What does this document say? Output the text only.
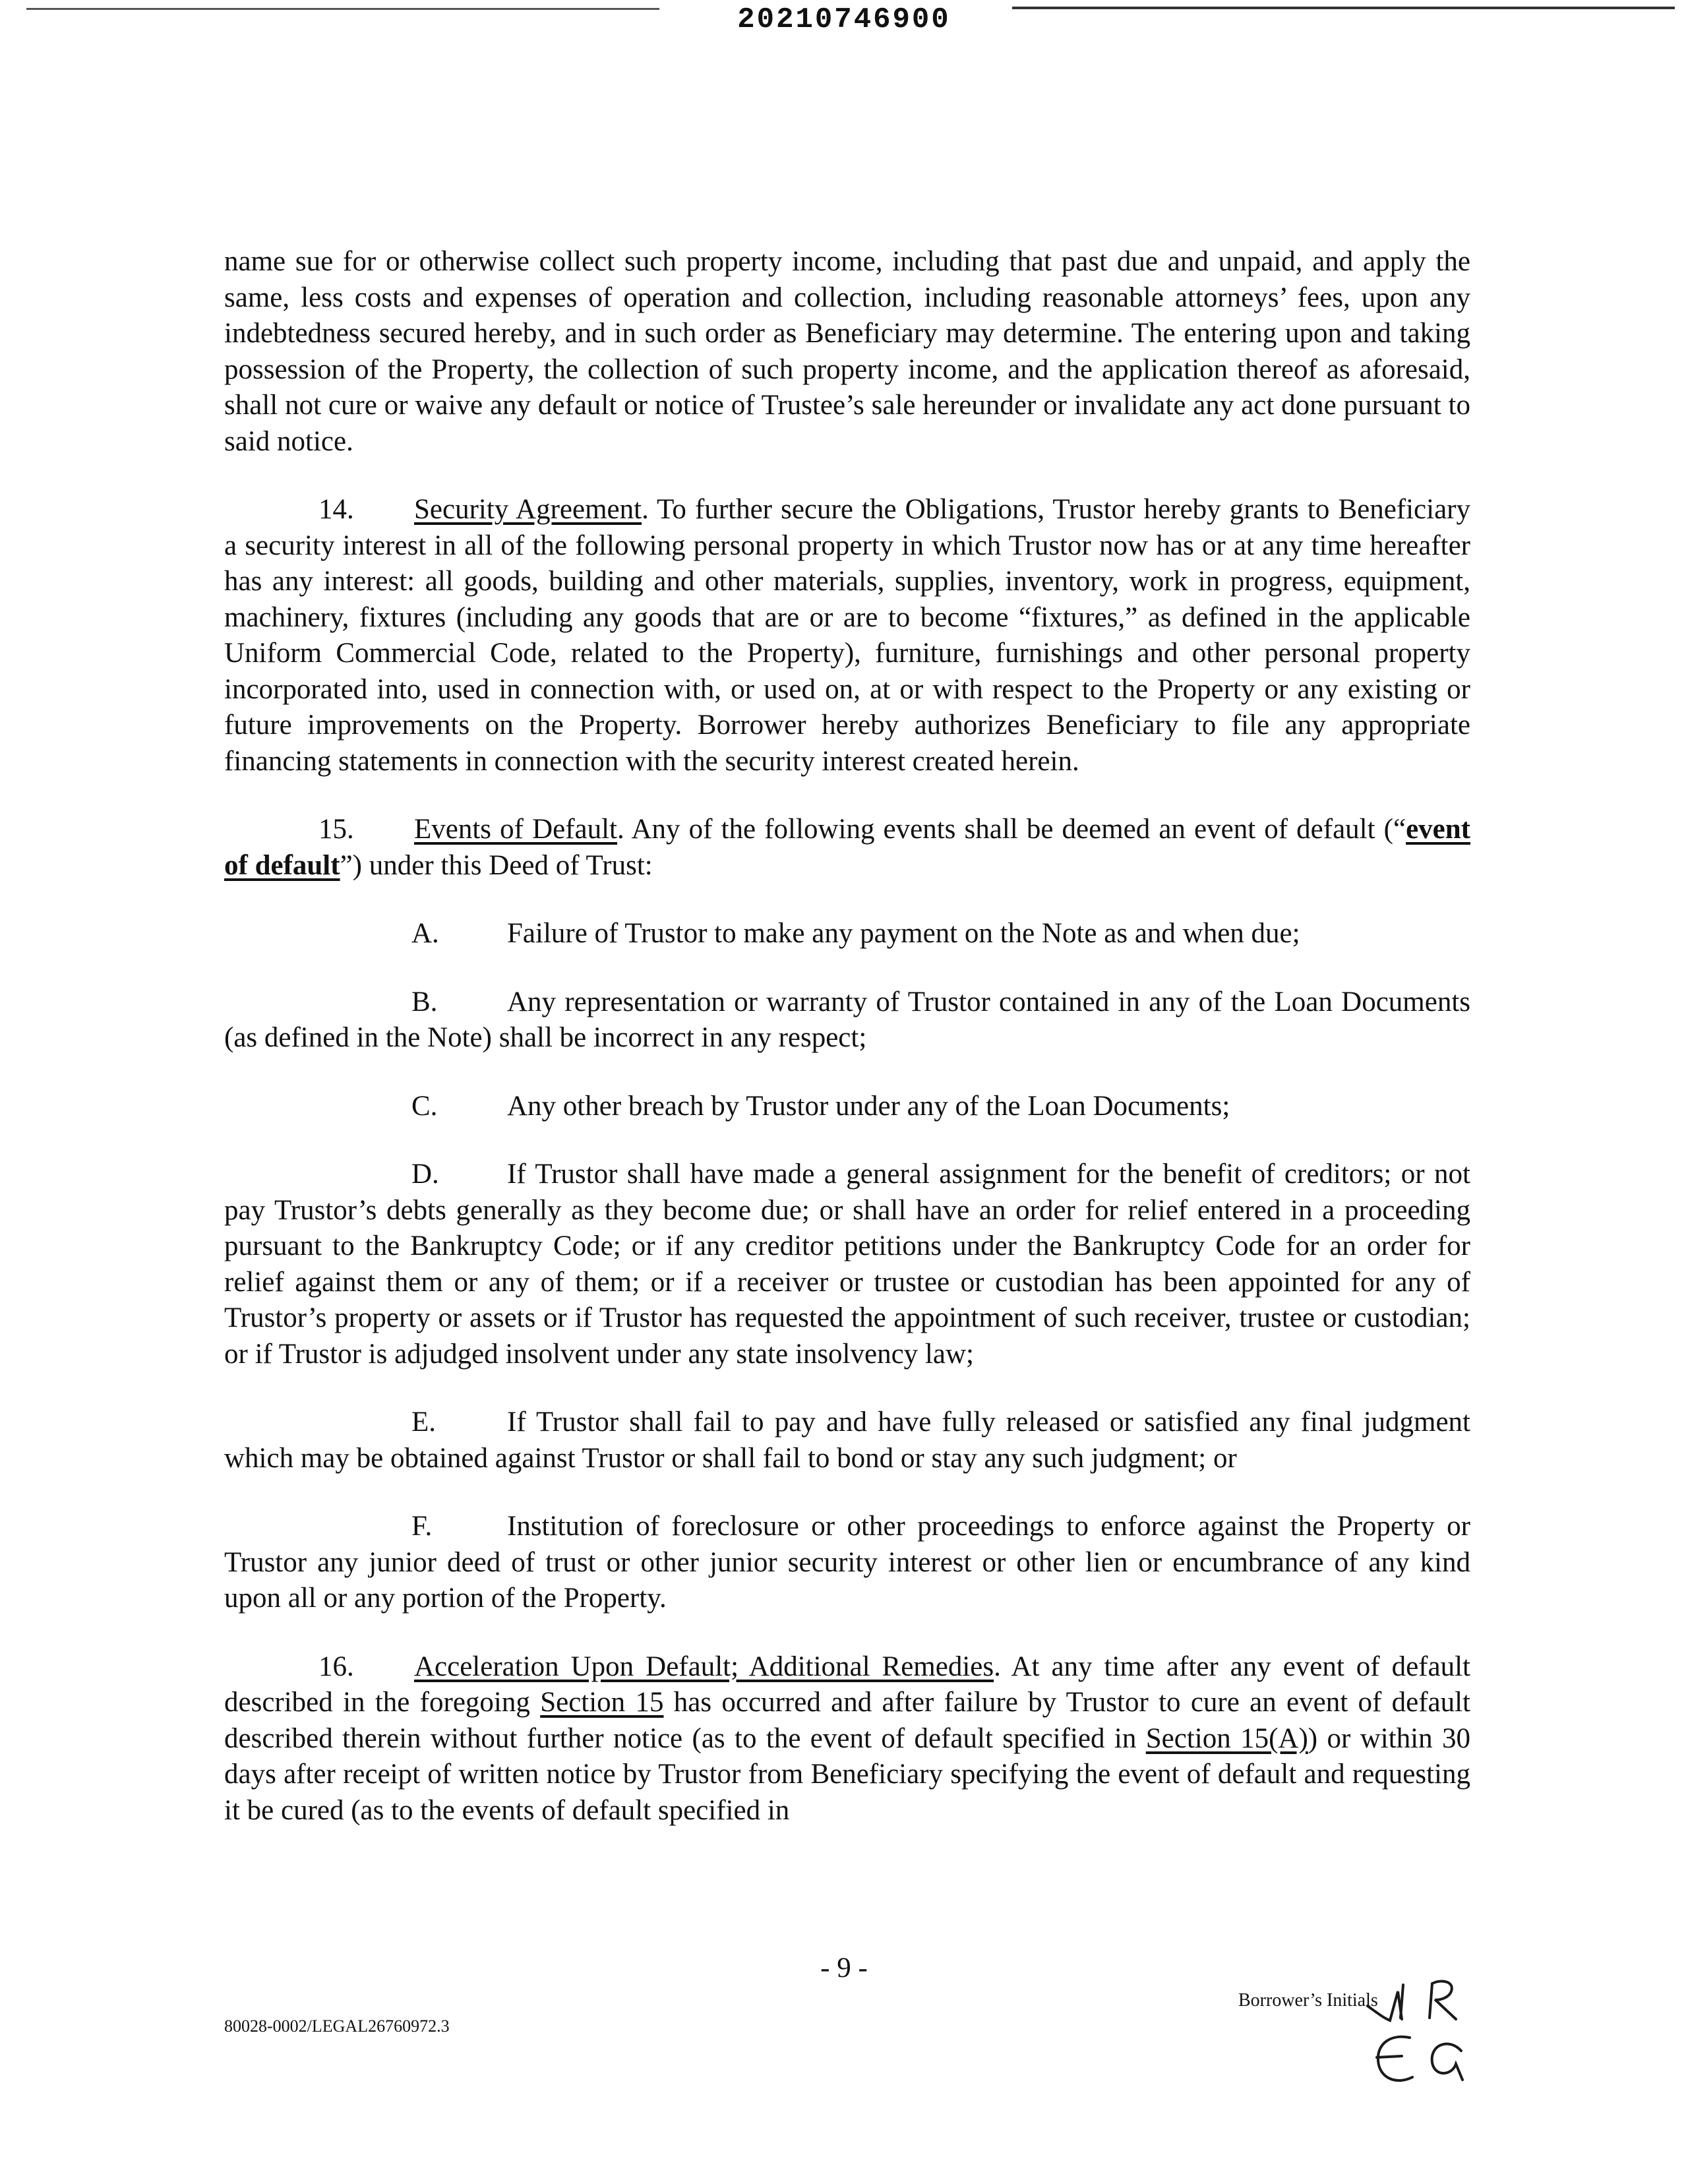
20210746900

name sue for or otherwise collect such property income, including that past due and unpaid, and apply the same, less costs and expenses of operation and collection, including reasonable attorneys’ fees, upon any indebtedness secured hereby, and in such order as Beneficiary may determine. The entering upon and taking possession of the Property, the collection of such property income, and the application thereof as aforesaid, shall not cure or waive any default or notice of Trustee’s sale hereunder or invalidate any act done pursuant to said notice.

14. Security Agreement. To further secure the Obligations, Trustor hereby grants to Beneficiary a security interest in all of the following personal property in which Trustor now has or at any time hereafter has any interest: all goods, building and other materials, supplies, inventory, work in progress, equipment, machinery, fixtures (including any goods that are or are to become “fixtures,” as defined in the applicable Uniform Commercial Code, related to the Property), furniture, furnishings and other personal property incorporated into, used in connection with, or used on, at or with respect to the Property or any existing or future improvements on the Property. Borrower hereby authorizes Beneficiary to file any appropriate financing statements in connection with the security interest created herein.

15. Events of Default. Any of the following events shall be deemed an event of default (“event of default”) under this Deed of Trust:

A. Failure of Trustor to make any payment on the Note as and when due;

B. Any representation or warranty of Trustor contained in any of the Loan Documents (as defined in the Note) shall be incorrect in any respect;

C. Any other breach by Trustor under any of the Loan Documents;

D. If Trustor shall have made a general assignment for the benefit of creditors; or not pay Trustor’s debts generally as they become due; or shall have an order for relief entered in a proceeding pursuant to the Bankruptcy Code; or if any creditor petitions under the Bankruptcy Code for an order for relief against them or any of them; or if a receiver or trustee or custodian has been appointed for any of Trustor’s property or assets or if Trustor has requested the appointment of such receiver, trustee or custodian; or if Trustor is adjudged insolvent under any state insolvency law;

E.	If Trustor shall fail to pay and have fully released or satisfied any final judgment which may be obtained against Trustor or shall fail to bond or stay any such judgment; or

F.	Institution of foreclosure or other proceedings to enforce against the Property or Trustor any junior deed of trust or other junior security interest or other lien or encumbrance of any kind upon all or any portion of the Property.

16. Acceleration Upon Default; Additional Remedies. At any time after any event of default described in the foregoing Section 15 has occurred and after failure by Trustor to cure an event of default described therein without further notice (as to the event of default specified in Section 15(A)) or within 30 days after receipt of written notice by Trustor from Beneficiary specifying the event of default and requesting it be cured (as to the events of default specified in

- 9 -
80028-0002/LEGAL26760972.3
Borrower’s Initials
